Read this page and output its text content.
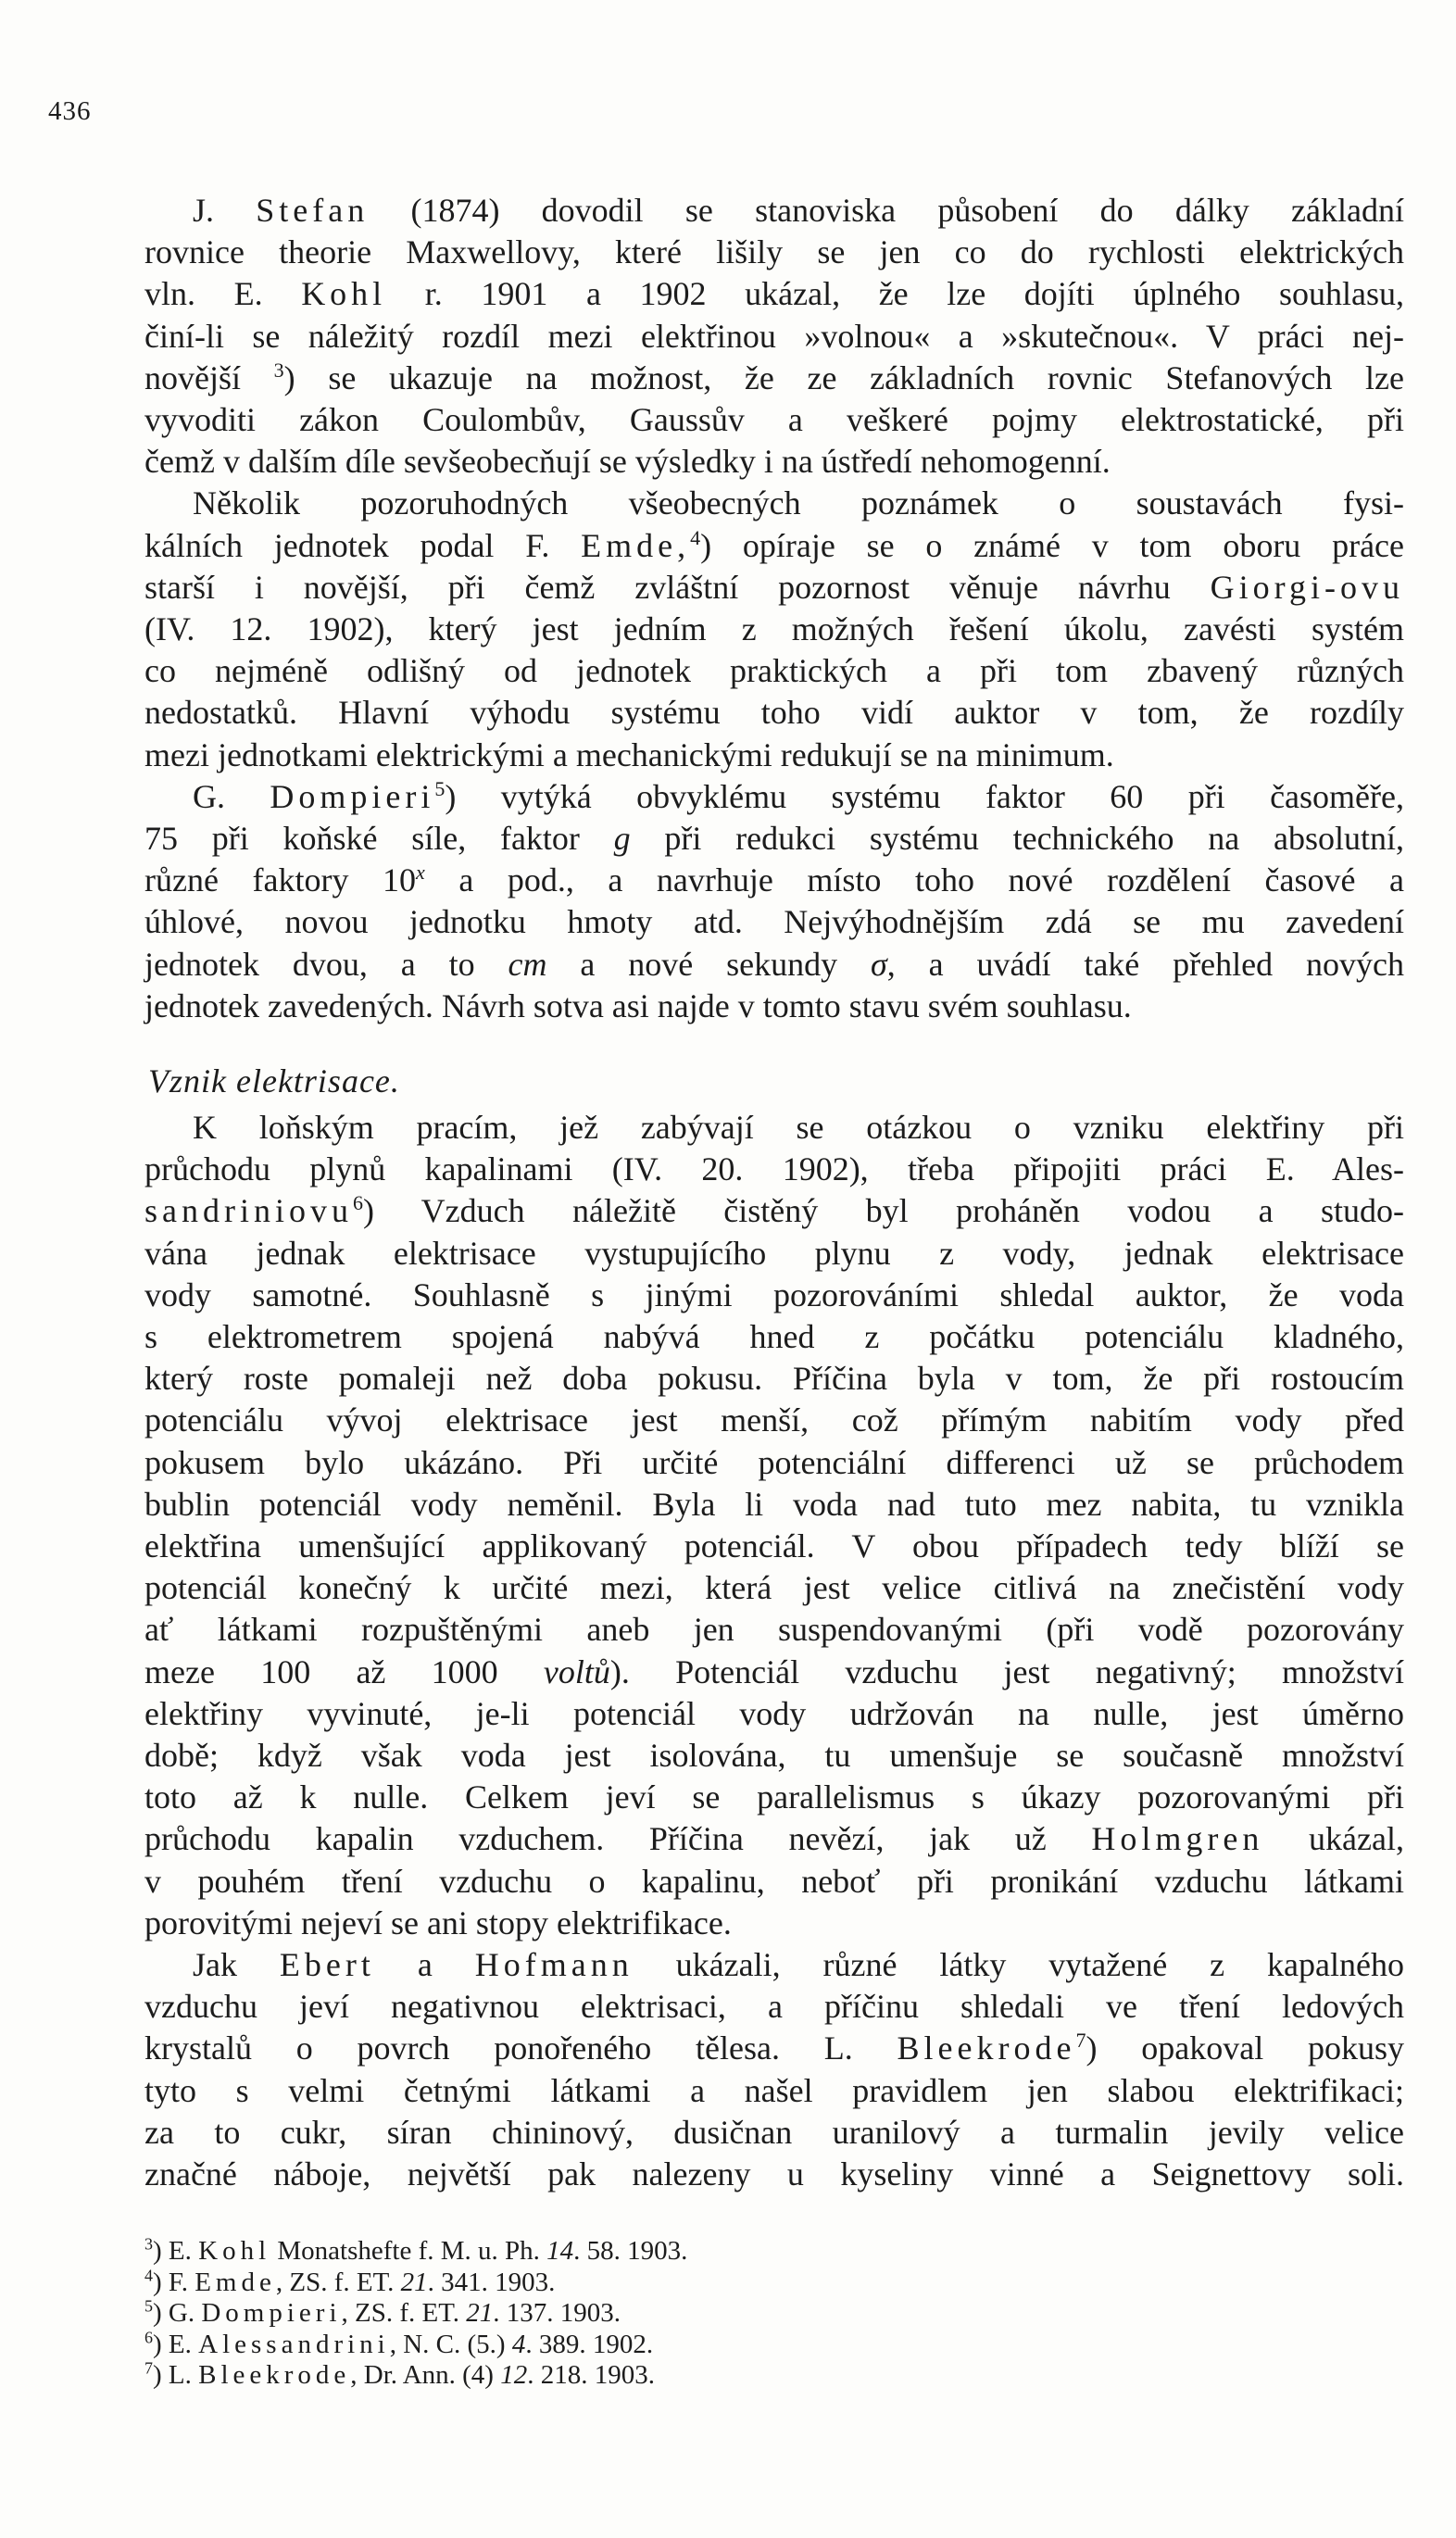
436
J. Stefan (1874) dovodil se stanoviska působení do dálky základní
rovnice theorie Maxwellovy, které lišily se jen co do rychlosti elektrických
vln. E. Kohl r. 1901 a 1902 ukázal, že lze dojíti úplného souhlasu,
činí-li se náležitý rozdíl mezi elektřinou »volnou« a »skutečnou«. V práci nej-
novější $^3$) se ukazuje na možnost, že ze základních rovnic Stefanových lze
vyvoditi zákon Coulombův, Gaussův a veškeré pojmy elektrostatické, při
čemž v dalším díle sevšeobecňují se výsledky i na ústředí nehomogenní.
Několik pozoruhodných všeobecných poznámek o soustavách fysi-
kálních jednotek podal F. Emde,$^4$) opíraje se o známé v tom oboru práce
starší i novější, při čemž zvláštní pozornost věnuje návrhu Giorgi-ovu
(IV. 12. 1902), který jest jedním z možných řešení úkolu, zavésti systém
co nejméně odlišný od jednotek praktických a při tom zbavený různých
nedostatků. Hlavní výhodu systému toho vidí auktor v tom, že rozdíly
mezi jednotkami elektrickými a mechanickými redukují se na minimum.
G. Dompieri$^5$) vytýká obvyklému systému faktor 60 při časoměře,
75 při koňské síle, faktor g při redukci systému technického na absolutní,
různé faktory 10$^x$ a pod., a navrhuje místo toho nové rozdělení časové a
úhlové, novou jednotku hmoty atd. Nejvýhodnějším zdá se mu zavedení
jednotek dvou, a to cm a nové sekundy σ, a uvádí také přehled nových
jednotek zavedených. Návrh sotva asi najde v tomto stavu svém souhlasu.
Vznik elektrisace.
K loňským pracím, jež zabývají se otázkou o vzniku elektřiny při
průchodu plynů kapalinami (IV. 20. 1902), třeba připojiti práci E. Ales-
sandriniovu$^6$) Vzduch náležitě čistěný byl proháněn vodou a studo-
vána jednak elektrisace vystupujícího plynu z vody, jednak elektrisace
vody samotné. Souhlasně s jinými pozorováními shledal auktor, že voda
s elektrometrem spojená nabývá hned z počátku potenciálu kladného,
který roste pomaleji než doba pokusu. Příčina byla v tom, že při rostoucím
potenciálu vývoj elektrisace jest menší, což přímým nabitím vody před
pokusem bylo ukázáno. Při určité potenciální differenci už se průchodem
bublin potenciál vody neměnil. Byla li voda nad tuto mez nabita, tu vznikla
elektřina umenšující applikovaný potenciál. V obou případech tedy blíží se
potenciál konečný k určité mezi, která jest velice citlivá na znečistění vody
ať látkami rozpuštěnými aneb jen suspendovanými (při vodě pozorovány
meze 100 až 1000 voltů). Potenciál vzduchu jest negativný; množství
elektřiny vyvinuté, je-li potenciál vody udržován na nulle, jest úměrno
době; když však voda jest isolována, tu umenšuje se současně množství
toto až k nulle. Celkem jeví se parallelismus s úkazy pozorovanými při
průchodu kapalin vzduchem. Příčina nevězí, jak už Holmgren ukázal,
v pouhém tření vzduchu o kapalinu, neboť při pronikání vzduchu látkami
porovitými nejeví se ani stopy elektrifikace.
Jak Ebert a Hofmann ukázali, různé látky vytažené z kapalného
vzduchu jeví negativnou elektrisaci, a příčinu shledali ve tření ledových
krystalů o povrch ponořeného tělesa. L. Bleekrode$^7$) opakoval pokusy
tyto s velmi četnými látkami a našel pravidlem jen slabou elektrifikaci;
za to cukr, síran chininový, dusičnan uranilový a turmalin jevily velice
značné náboje, největší pak nalezeny u kyseliny vinné a Seignettovy soli.
$^3$) E. Kohl Monatshefte f. M. u. Ph. 14. 58. 1903.
$^4$) F. Emde, ZS. f. ET. 21. 341. 1903.
$^5$) G. Dompieri, ZS. f. ET. 21. 137. 1903.
$^6$) E. Alessandrini, N. C. (5.) 4. 389. 1902.
$^7$) L. Bleekrode, Dr. Ann. (4) 12. 218. 1903.
